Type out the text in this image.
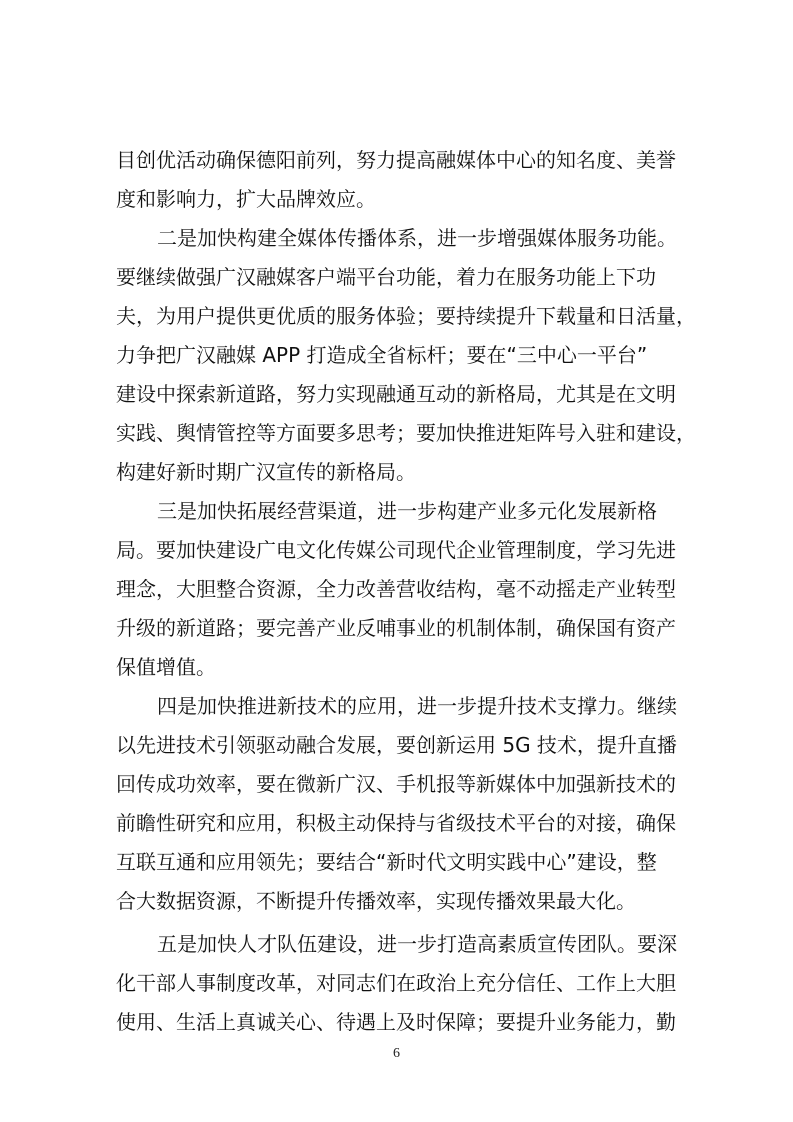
目创优活动确保德阳前列，努力提高融媒体中心的知名度、美誉
度和影响力，扩大品牌效应。
二是加快构建全媒体传播体系，进一步增强媒体服务功能。
要继续做强广汉融媒客户端平台功能，着力在服务功能上下功
夫，为用户提供更优质的服务体验；要持续提升下载量和日活量，
力争把广汉融媒 APP 打造成全省标杆；要在“三中心一平台”
建设中探索新道路，努力实现融通互动的新格局，尤其是在文明
实践、舆情管控等方面要多思考；要加快推进矩阵号入驻和建设，
构建好新时期广汉宣传的新格局。
三是加快拓展经营渠道，进一步构建产业多元化发展新格
局。要加快建设广电文化传媒公司现代企业管理制度，学习先进
理念，大胆整合资源，全力改善营收结构，毫不动摇走产业转型
升级的新道路；要完善产业反哺事业的机制体制，确保国有资产
保值增值。
四是加快推进新技术的应用，进一步提升技术支撑力。继续
以先进技术引领驱动融合发展，要创新运用 5G 技术，提升直播
回传成功效率，要在微新广汉、手机报等新媒体中加强新技术的
前瞻性研究和应用，积极主动保持与省级技术平台的对接，确保
互联互通和应用领先；要结合“新时代文明实践中心”建设，整
合大数据资源，不断提升传播效率，实现传播效果最大化。
五是加快人才队伍建设，进一步打造高素质宣传团队。要深
化干部人事制度改革，对同志们在政治上充分信任、工作上大胆
使用、生活上真诚关心、待遇上及时保障；要提升业务能力，勤
6
